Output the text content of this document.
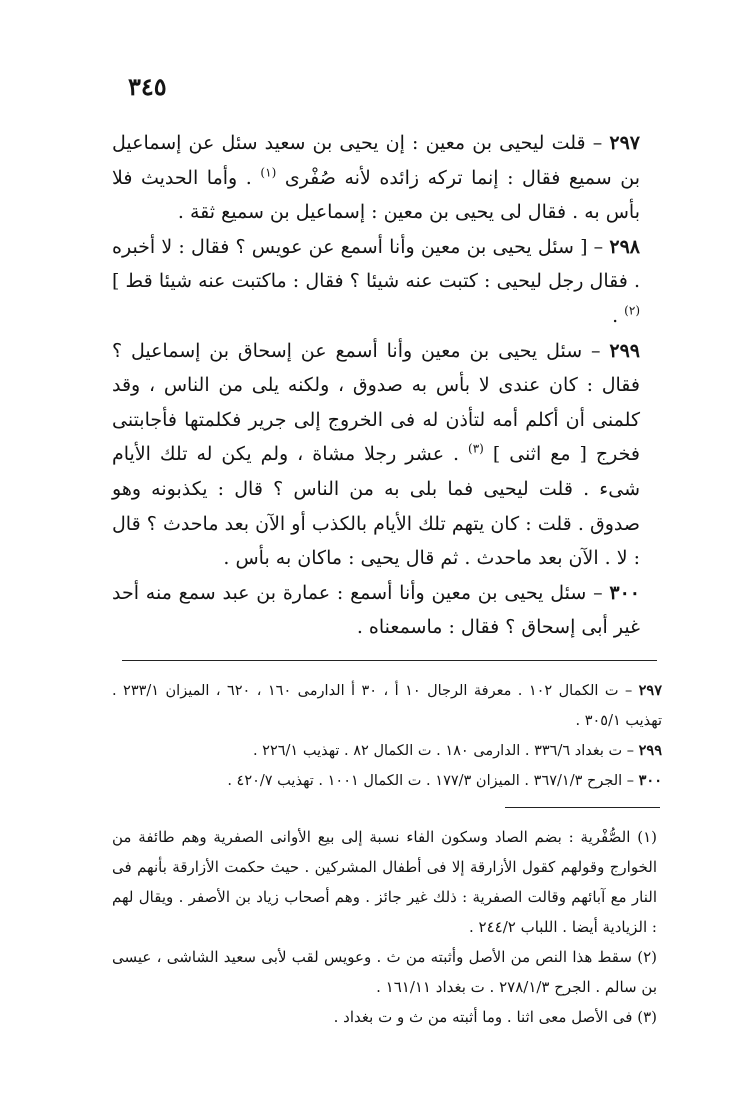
٣٤٥

٢٩٧ – قلت ليحيى بن معين : إن يحيى بن سعيد سئل عن إسماعيل بن سميع فقال : إنما تركه زائده لأنه صُفْرى $^{(١)}$ . وأما الحديث فلا بأس به . فقال لى يحيى بن معين : إسماعيل بن سميع ثقة .

٢٩٨ – [ سئل يحيى بن معين وأنا أسمع عن عويس ؟ فقال : لا أخبره . فقال رجل ليحيى : كتبت عنه شيئا ؟ فقال : ماكتبت عنه شيئا قط ] $^{(٢)}$ .

٢٩٩ – سئل يحيى بن معين وأنا أسمع عن إسحاق بن إسماعيل ؟ فقال : كان عندى لا بأس به صدوق ، ولكنه يلى من الناس ، وقد كلمنى أن أكلم أمه لتأذن له فى الخروج إلى جرير فكلمتها فأجابتنى فخرج [ مع اثنى ] $^{(٣)}$ . عشر رجلا مشاة ، ولم يكن له تلك الأيام شىء . قلت ليحيى فما بلى به من الناس ؟ قال : يكذبونه وهو صدوق . قلت : كان يتهم تلك الأيام بالكذب أو الآن بعد ماحدث ؟ قال : لا . الآن بعد ماحدث . ثم قال يحيى : ماكان به بأس .

٣٠٠ – سئل يحيى بن معين وأنا أسمع : عمارة بن عبد سمع منه أحد غير أبى إسحاق ؟ فقال : ماسمعناه .

٢٩٧ – ت الكمال ١٠٢ . معرفة الرجال ١٠ أ ، ٣٠ أ الدارمى ١٦٠ ، ٦٢٠ ، الميزان ٢٣٣/١ . تهذيب ٣٠٥/١ .

٢٩٩ – ت بغداد ٣٣٦/٦ . الدارمى ١٨٠ . ت الكمال ٨٢ . تهذيب ٢٢٦/١ .

٣٠٠ – الجرح ٣٦٧/١/٣ . الميزان ١٧٧/٣ . ت الكمال ١٠٠١ . تهذيب ٤٢٠/٧ .

(١) الصُّفْرية : بضم الصاد وسكون الفاء نسبة إلى بيع الأوانى الصفرية وهم طائفة من الخوارج وقولهم كقول الأزارقة إلا فى أطفال المشركين . حيث حكمت الأزارقة بأنهم فى النار مع آبائهم وقالت الصفرية : ذلك غير جائز . وهم أصحاب زياد بن الأصفر . ويقال لهم : الزيادية أيضا . اللباب ٢٤٤/٢ .

(٢) سقط هذا النص من الأصل وأثبته من ث . وعويس لقب لأبى سعيد الشاشى ، عيسى بن سالم . الجرح ٢٧٨/١/٣ . ت بغداد ١٦١/١١ .

(٣) فى الأصل معى اثنا . وما أثبته من ث و ت بغداد .
